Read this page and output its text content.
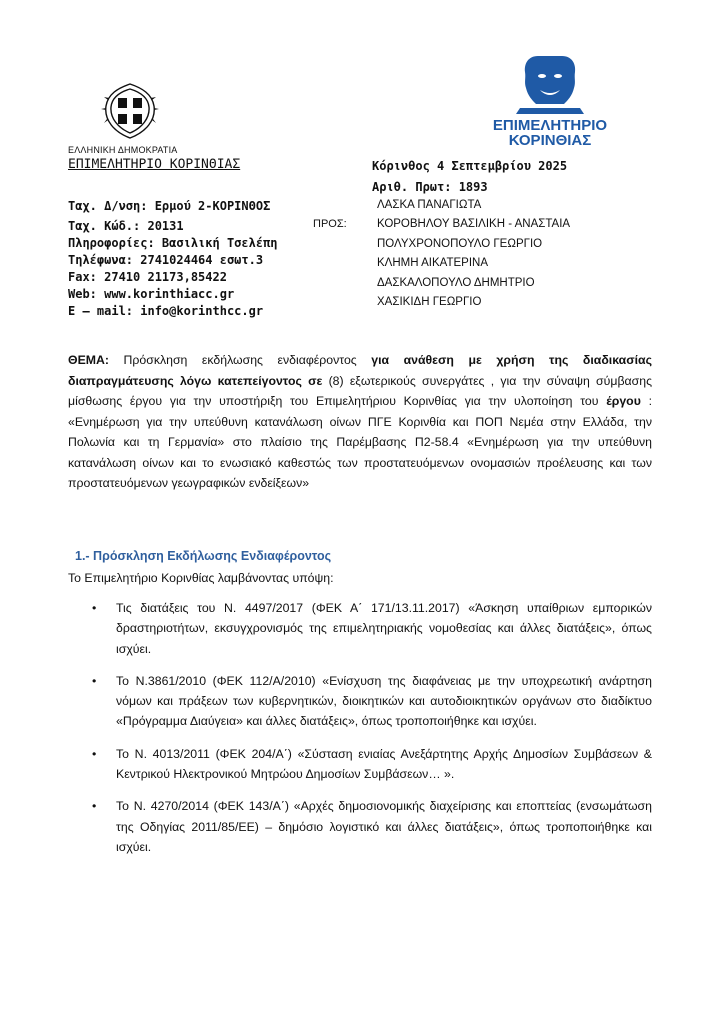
ΕΠΙΜΕΛΗΤΗΡΙΟ
ΚΟΡΙΝΘΙΑΣ
ΕΛΛΗΝΙΚΗ ΔΗΜΟΚΡΑΤΙΑ
ΕΠΙΜΕΛΗΤΗΡΙΟ ΚΟΡΙΝΘΙΑΣ	Κόρινθος 4 Σεπτεμβρίου 2025
Αριθ. Πρωτ: 1893
Ταχ. Δ/νση: Ερμού 2-ΚΟΡΙΝΘΟΣ
Ταχ. Κώδ.: 20131
Πληροφορίες: Βασιλική Τσελέπη
Τηλέφωνα: 2741024464 εσωτ.3
Fax: 27410 21173,85422
Web: www.korinthiacc.gr
E – mail: info@korinthcc.gr
ΠΡΟΣ:
ΛΑΣΚΑ ΠΑΝΑΓΙΩΤΑ
ΚΟΡΟΒΗΛΟΥ ΒΑΣΙΛΙΚΗ - ΑΝΑΣΤΑΙΑ
ΠΟΛΥΧΡΟΝΟΠΟΥΛΟ ΓΕΩΡΓΙΟ
ΚΛΗΜΗ ΑΙΚΑΤΕΡΙΝΑ
ΔΑΣΚΑΛΟΠΟΥΛΟ ΔΗΜΗΤΡΙΟ
ΧΑΣΙΚΙΔΗ ΓΕΩΡΓΙΟ
ΘΕΜΑ: Πρόσκληση εκδήλωσης ενδιαφέροντος για ανάθεση με χρήση της διαδικασίας διαπραγμάτευσης λόγω κατεπείγοντος σε (8) εξωτερικούς συνεργάτες , για την σύναψη σύμβασης μίσθωσης έργου για την υποστήριξη του Επιμελητήριου Κορινθίας για την υλοποίηση του έργου : «Ενημέρωση για την υπεύθυνη κατανάλωση οίνων ΠΓΕ Κορινθία και ΠΟΠ Νεμέα στην Ελλάδα, την Πολωνία και τη Γερμανία» στο πλαίσιο της Παρέμβασης Π2-58.4 «Ενημέρωση για την υπεύθυνη κατανάλωση οίνων και το ενωσιακό καθεστώς των προστατευόμενων ονομασιών προέλευσης και των προστατευόμενων γεωγραφικών ενδείξεων»
1.- Πρόσκληση Εκδήλωσης Ενδιαφέροντος
Το Επιμελητήριο Κορινθίας λαμβάνοντας υπόψη:
• Τις διατάξεις του Ν. 4497/2017 (ΦΕΚ Α΄ 171/13.11.2017) «Άσκηση υπαίθριων εμπορικών δραστηριοτήτων, εκσυγχρονισμός της επιμελητηριακής νομοθεσίας και άλλες διατάξεις», όπως ισχύει.
• Το Ν.3861/2010 (ΦΕΚ 112/Α/2010) «Ενίσχυση της διαφάνειας με την υποχρεωτική ανάρτηση νόμων και πράξεων των κυβερνητικών, διοικητικών και αυτοδιοικητικών οργάνων στο διαδίκτυο «Πρόγραμμα Διαύγεια» και άλλες διατάξεις», όπως τροποποιήθηκε και ισχύει.
• Το Ν. 4013/2011 (ΦΕΚ 204/Α΄) «Σύσταση ενιαίας Ανεξάρτητης Αρχής Δημοσίων Συμβάσεων & Κεντρικού Ηλεκτρονικού Μητρώου Δημοσίων Συμβάσεων… ».
• Το Ν. 4270/2014 (ΦΕΚ 143/Α΄) «Αρχές δημοσιονομικής διαχείρισης και εποπτείας (ενσωμάτωση της Οδηγίας 2011/85/ΕΕ) – δημόσιο λογιστικό και άλλες διατάξεις», όπως τροποποιήθηκε και ισχύει.
